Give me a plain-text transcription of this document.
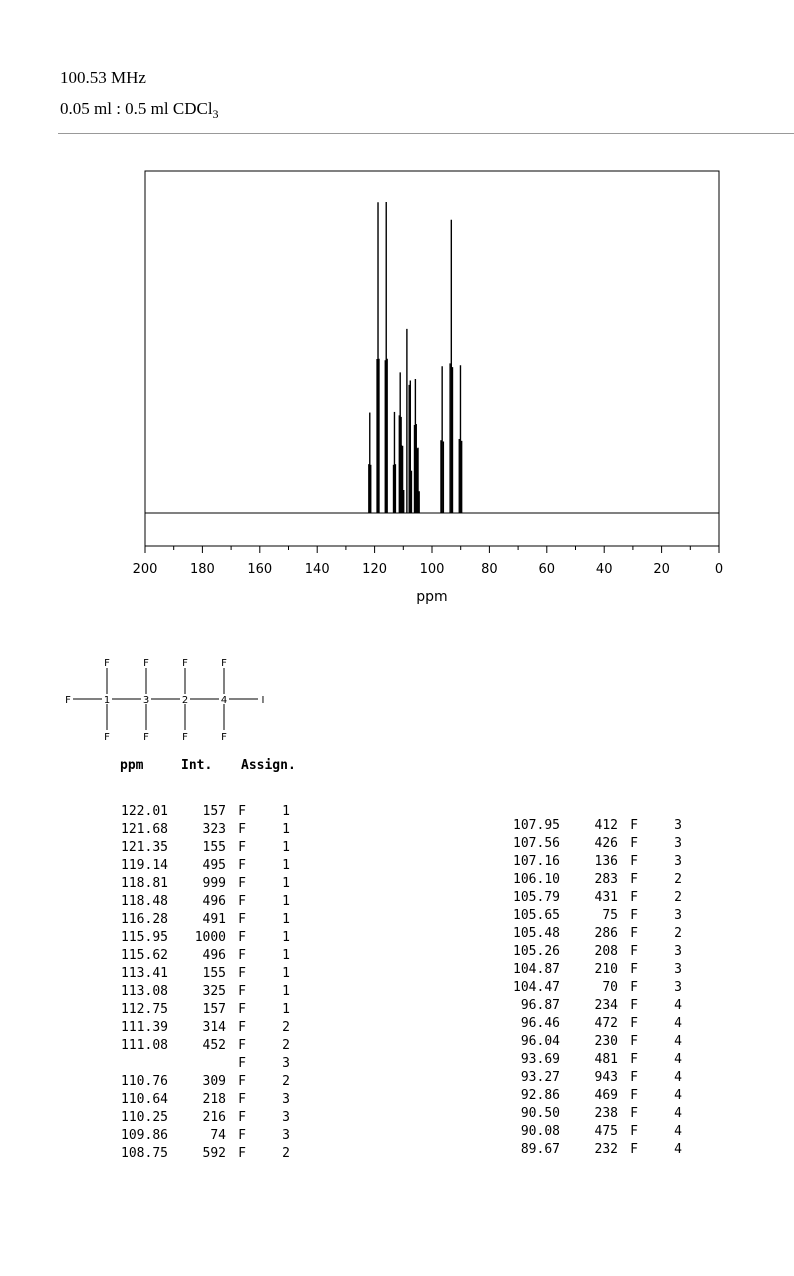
100.53 MHz
0.05 ml : 0.5 ml CDCl$_3$
200	180	160	140	120	100	80	60	40	20	0
ppm
F	1	3	2	4	I
F
F
F
F
F
F
F
F
ppm	Int. Assign.
122.01	157	F	1
121.68	323	F	1
121.35	155	F	1
119.14	495	F	1
118.81	999	F	1
118.48	496	F	1
116.28	491	F	1
115.95	1000	F	1
115.62	496	F	1
113.41	155	F	1
113.08	325	F	1
112.75	157	F	1
111.39	314	F	2
111.08	452	F	2
		F	3
110.76	309	F	2
110.64	218	F	3
110.25	216	F	3
109.86	74	F	3
108.75	592	F	2
107.95	412	F	3
107.56	426	F	3
107.16	136	F	3
106.10	283	F	2
105.79	431	F	2
105.65	75	F	3
105.48	286	F	2
105.26	208	F	3
104.87	210	F	3
104.47	70	F	3
96.87	234	F	4
96.46	472	F	4
96.04	230	F	4
93.69	481	F	4
93.27	943	F	4
92.86	469	F	4
90.50	238	F	4
90.08	475	F	4
89.67	232	F	4
